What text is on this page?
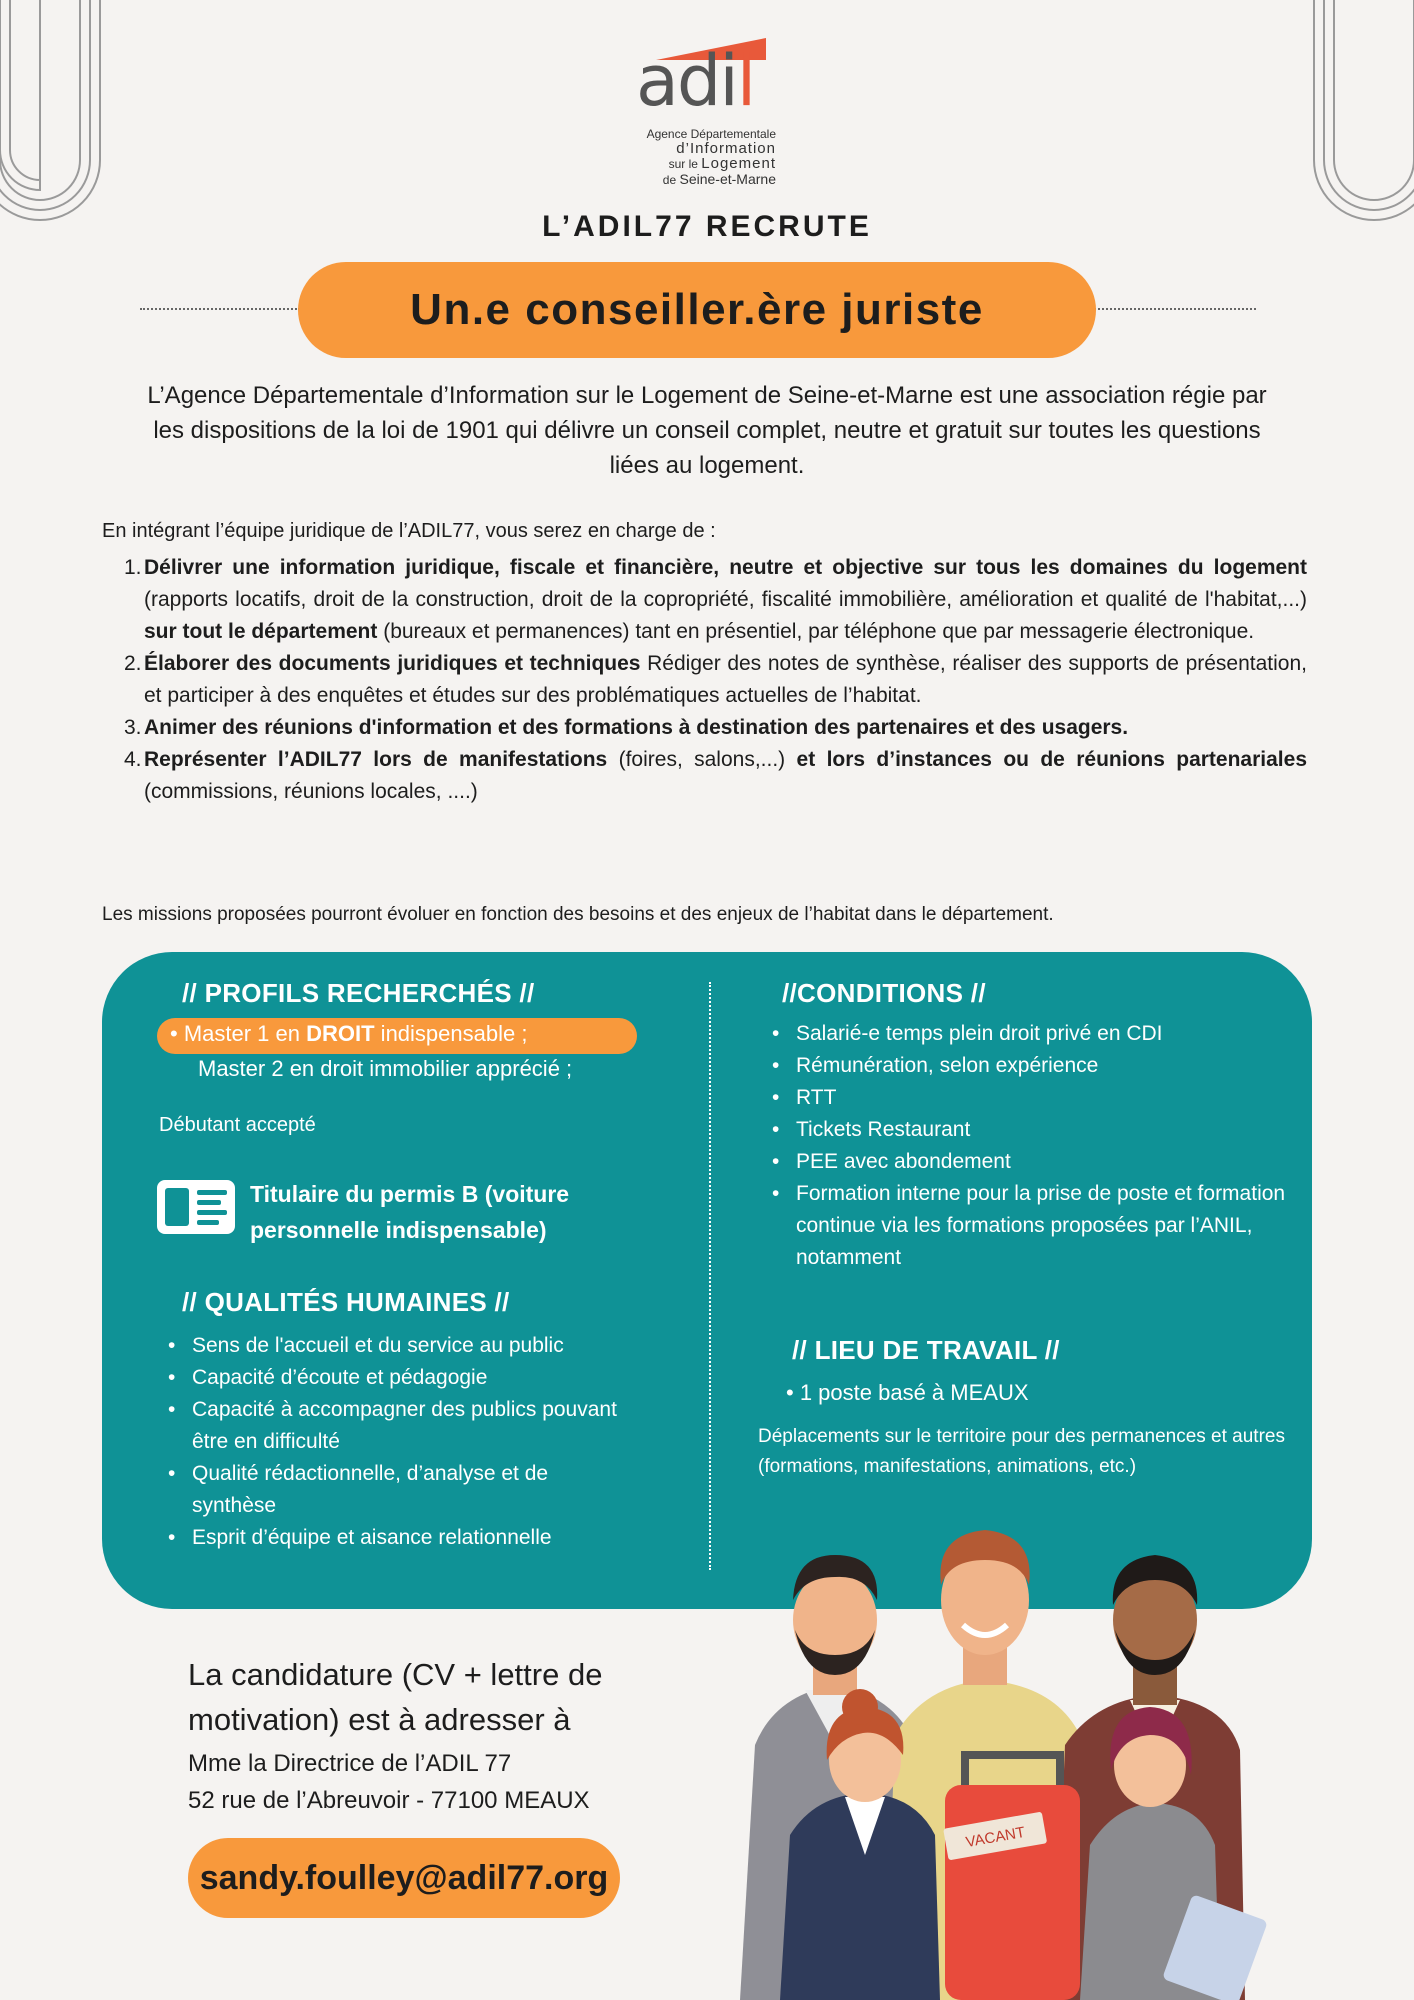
adil
Agence Départementale
d’Information
sur le Logement
de Seine-et-Marne
L’ADIL77 RECRUTE
Un.e conseiller.ère juriste

L’Agence Départementale d’Information sur le Logement de Seine-et-Marne est une association régie par les dispositions de la loi de 1901 qui délivre un conseil complet, neutre et gratuit sur toutes les questions liées au logement.

En intégrant l’équipe juridique de l’ADIL77, vous serez en charge de :

1. Délivrer une information juridique, fiscale et financière, neutre et objective sur tous les domaines du logement (rapports locatifs, droit de la construction, droit de la copropriété, fiscalité immobilière, amélioration et qualité de l'habitat,...) sur tout le département (bureaux et permanences) tant en présentiel, par téléphone que par messagerie électronique.
2. Élaborer des documents juridiques et techniques Rédiger des notes de synthèse, réaliser des supports de présentation, et participer à des enquêtes et études sur des problématiques actuelles de l’habitat.
3. Animer des réunions d'information et des formations à destination des partenaires et des usagers.
4. Représenter l’ADIL77 lors de manifestations (foires, salons,...) et lors d’instances ou de réunions partenariales (commissions, réunions locales, ....)

Les missions proposées pourront évoluer en fonction des besoins et des enjeux de l’habitat dans le département.

// PROFILS RECHERCHÉS //
• Master 1 en DROIT indispensable ;
Master 2 en droit immobilier apprécié ;
Débutant accepté
Titulaire du permis B (voiture personnelle indispensable)
// QUALITÉS HUMAINES //
• Sens de l'accueil et du service au public
• Capacité d’écoute et pédagogie
• Capacité à accompagner des publics pouvant être en difficulté
• Qualité rédactionnelle, d’analyse et de synthèse
• Esprit d’équipe et aisance relationnelle
//CONDITIONS //
• Salarié-e temps plein droit privé en CDI
• Rémunération, selon expérience
• RTT
• Tickets Restaurant
• PEE avec abondement
• Formation interne pour la prise de poste et formation continue via les formations proposées par l’ANIL, notamment
// LIEU DE TRAVAIL //
• 1 poste basé à MEAUX
Déplacements sur le territoire pour des permanences et autres (formations, manifestations, animations, etc.)
La candidature (CV + lettre de
motivation) est à adresser à
Mme la Directrice de l’ADIL 77
52 rue de l’Abreuvoir - 77100 MEAUX
sandy.foulley@adil77.org
VACANT
